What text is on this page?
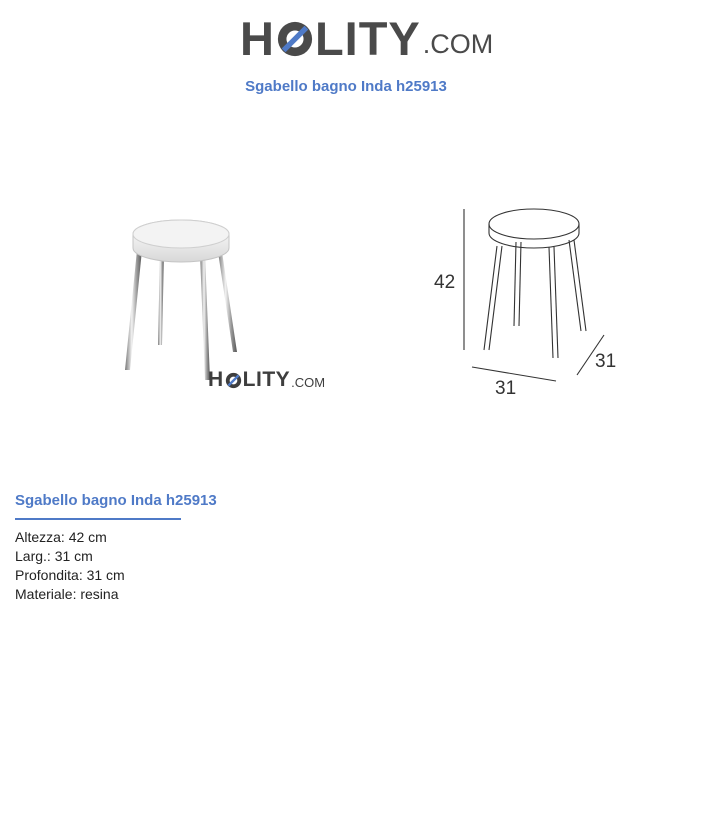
H LITY .COM
Sgabello bagno Inda h25913
H LITY .COM
42
31
31
Sgabello bagno Inda h25913
Altezza: 42 cm
Larg.: 31 cm
Profondita: 31 cm
Materiale: resina
